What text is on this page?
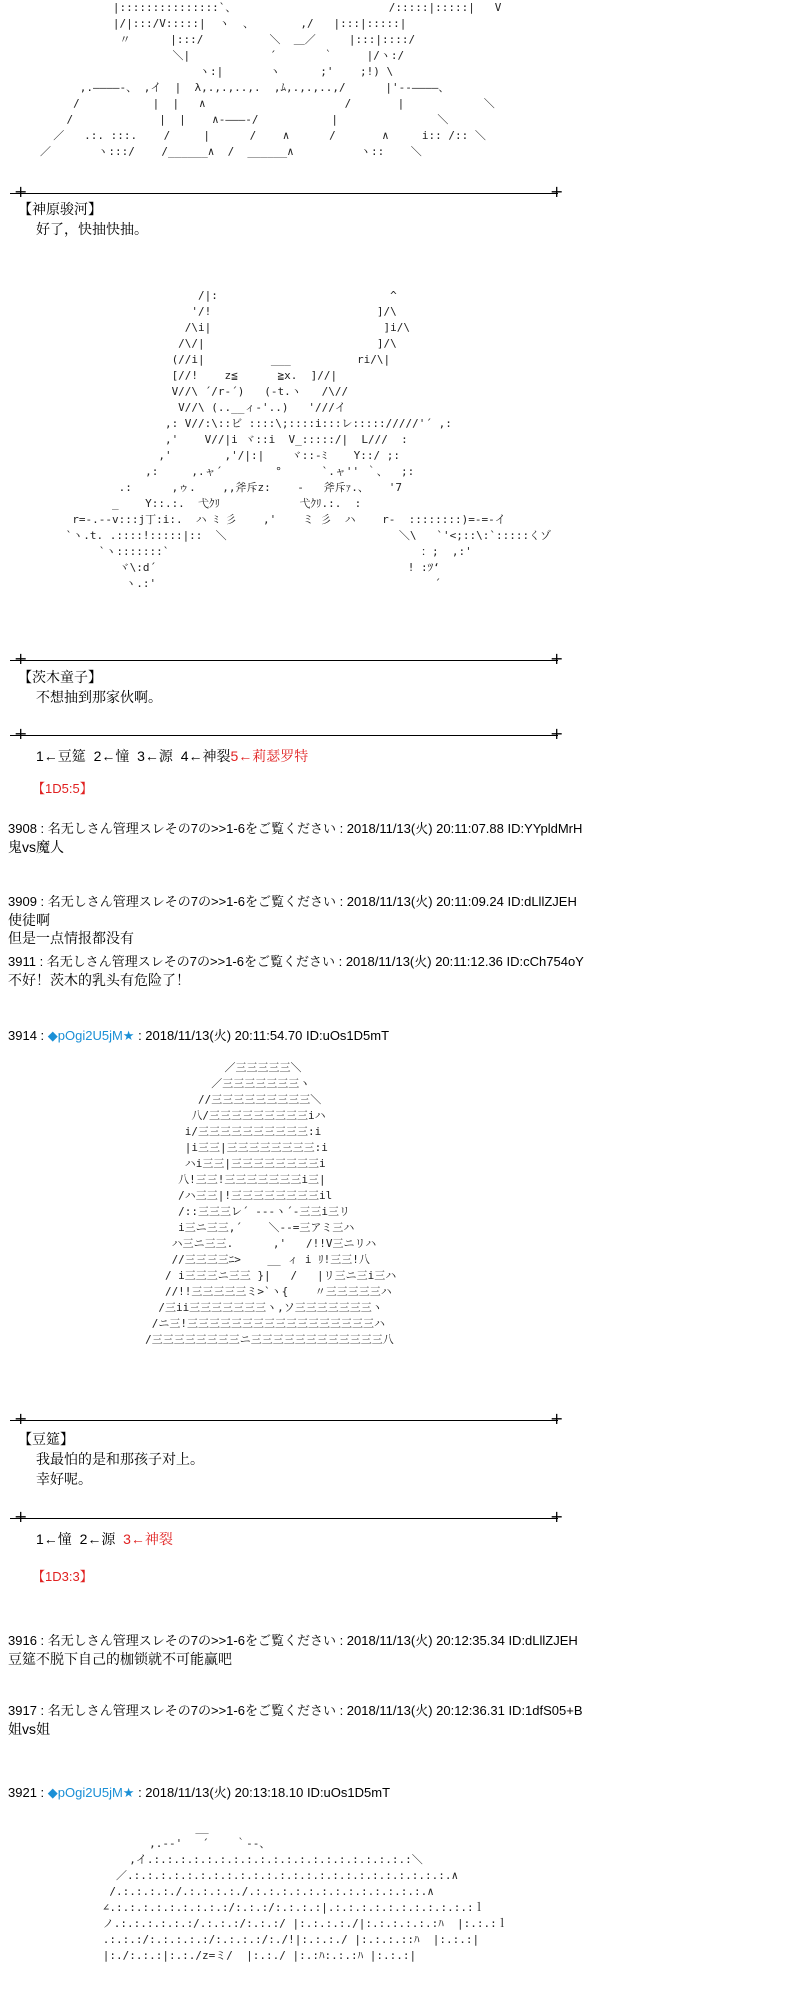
|:::::::::::::::`、                       /:::::|:::::|   V
|/|:::/V:::::|  ヽ  、       ,/   |:::|:::::|
〃      |:::/          ＼  ＿／     |:::|::::/
＼|            ´       ｀     |/ヽ:/
ヽ:|       ヽ      ;'    ;!) \
,.――――-、 ,イ  |  λ,.,.,..,.  ,ﾑ,.,.,..,/      |'‐-――――、
/           |  |   ∧                     /       |            ＼
/             |  |    ∧-―――-/           |               ＼
／   .:. :::.    /     |      /    ∧      /       ∧     i:: /:: ＼
／       ヽ:::/    /______∧  /  ______∧          ヽ::    ＼
+	+
【神原骏河】
好了，快抽快抽。
/|:                          ^
'/!                         ]/\
/\i|                          ]i/\
/\/|                          ]/\
(//i|          ___          ri/\|
[//!    z≦      ≧x.  ]//|
V//\ ´/r-´)   (-t.ヽ   /\//
V//\ (..__ィ-'..)   '///イ
,: V//:\::ビ ::::\;::::i:::レ::::://///'´ ,:
,'    V//|i ヾ::i  V_:::::/|  L///  :
,'        ,'/|:|    ヾ::-ﾐ    Y::/ ;:
,:     ,.ャ´        °      `.ャ'' ｀、  ;:
.:      ,ゥ.    ,,斧斥z:    -   斧斥ｧ.、   '7
_    Y::.:.  弋ｸﾘ            弋ｸﾘ.:.  :
r=-.--v:::j丁:i:.  ハ ﾐ 彡    ,'    ミ 彡  ハ    r-  ::::::::)=-=-イ
`ヽ.t. .::::!:::::|::  ＼                          ＼\   `'<;::\:`:::::くゾ
`ヽ:::::::`                                      ：;  ,:'
ヾ\:d´                                      ! :ﾂ‘
ヽ.:'                                          ´
+	+
【茨木童子】
不想抽到那家伙啊。
+	+
1←豆筵  2←憧  3←源  4←神裂5←莉瑟罗特
【1D5:5】
3908 : 名无しさん管理スレその7の>>1-6をご覧ください : 2018/11/13(火) 20:11:07.88 ID:YYpldMrH
鬼vs魔人
3909 : 名无しさん管理スレその7の>>1-6をご覧ください : 2018/11/13(火) 20:11:09.24 ID:dLllZJEH
使徒啊
但是一点情报都没有
3911 : 名无しさん管理スレその7の>>1-6をご覧ください : 2018/11/13(火) 20:11:12.36 ID:cCh754oY
不好！茨木的乳头有危险了！
3914 : ◆pOgi2U5jM★ : 2018/11/13(火) 20:11:54.70 ID:uOs1D5mT
／三三三三三＼
／三三三三三三三ヽ
//三三三三三三三三三＼
八/三三三三三三三三三iハ
i/三三三三三三三三三三:i
|i三三|三三三三三三三三:i
ハi三三|三三三三三三三三i
八!三三!三三三三三三三i三|
/ハ三三|!三三三三三三三三il
/::三三三レ´ ‐‐‐ヽ´‐三三i三リ
i三ニ三三,´    ＼‐‐=三アミ三ハ
ハ三ニ三三.      ,'   /!!V三ニリハ
//三三三三ﾆ>    __ ィ i ﾘ!三三!八
/ i三三三ニ三三 }|   /   |リ三ニ三i三ハ
//!!三三三三三ミ>`ヽ{    〃三三三三三ハ
/三ii三三三三三三三ヽ,ソ三三三三三三三ヽ
/ニ三!三三三三三三三三三三三三三三三三三ハ
/三三三三三三三三ニ三三三三三三三三三三三三八
+	+
【豆筵】
我最怕的是和那孩子对上。
幸好呢。
+	+
1←憧  2←源  3←神裂
【1D3:3】
3916 : 名无しさん管理スレその7の>>1-6をご覧ください : 2018/11/13(火) 20:12:35.34 ID:dLllZJEH
豆筵不脱下自己的枷锁就不可能赢吧
3917 : 名无しさん管理スレその7の>>1-6をご覧ください : 2018/11/13(火) 20:12:36.31 ID:1dfS05+B
姐vs姐
3921 : ◆pOgi2U5jM★ : 2018/11/13(火) 20:13:18.10 ID:uOs1D5mT
__
,.-‐'   ´    ｀‐-、
,イ.:.:.:.:.:.:.:.:.:.:.:.:.:.:.:.:.:.:.:.:＼
／.:.:.:.:.:.:.:.:.:.:.:.:.:.:.:.:.:.:.:.:.:.:.:.:.∧
/.:.:.:.:./.:.:.:.:./.:.:.:.:.:.:.:.:.:.:.:.:.:.∧
∠.:.:.:.:.:.:.:.:.:/:.:.:/:.:.:.:|.:.:.:.:.:.:.:.:.:.:.:ｌ
ノ.:.:.:.:.:.:/.:.:.:/:.:.:/ |:.:.:.:./|:.:.:.:.:.:ﾊ  |:.:.:ｌ
.:.:.:/:.:.:.:.:/:.:.:.:/:./!|:.:.:./ |:.:.:.::ﾊ  |:.:.:|
|:./:.:.:|:.:./z=ミ/  |:.:./ |:.:ﾊ:.:.:ﾊ |:.:.:|
